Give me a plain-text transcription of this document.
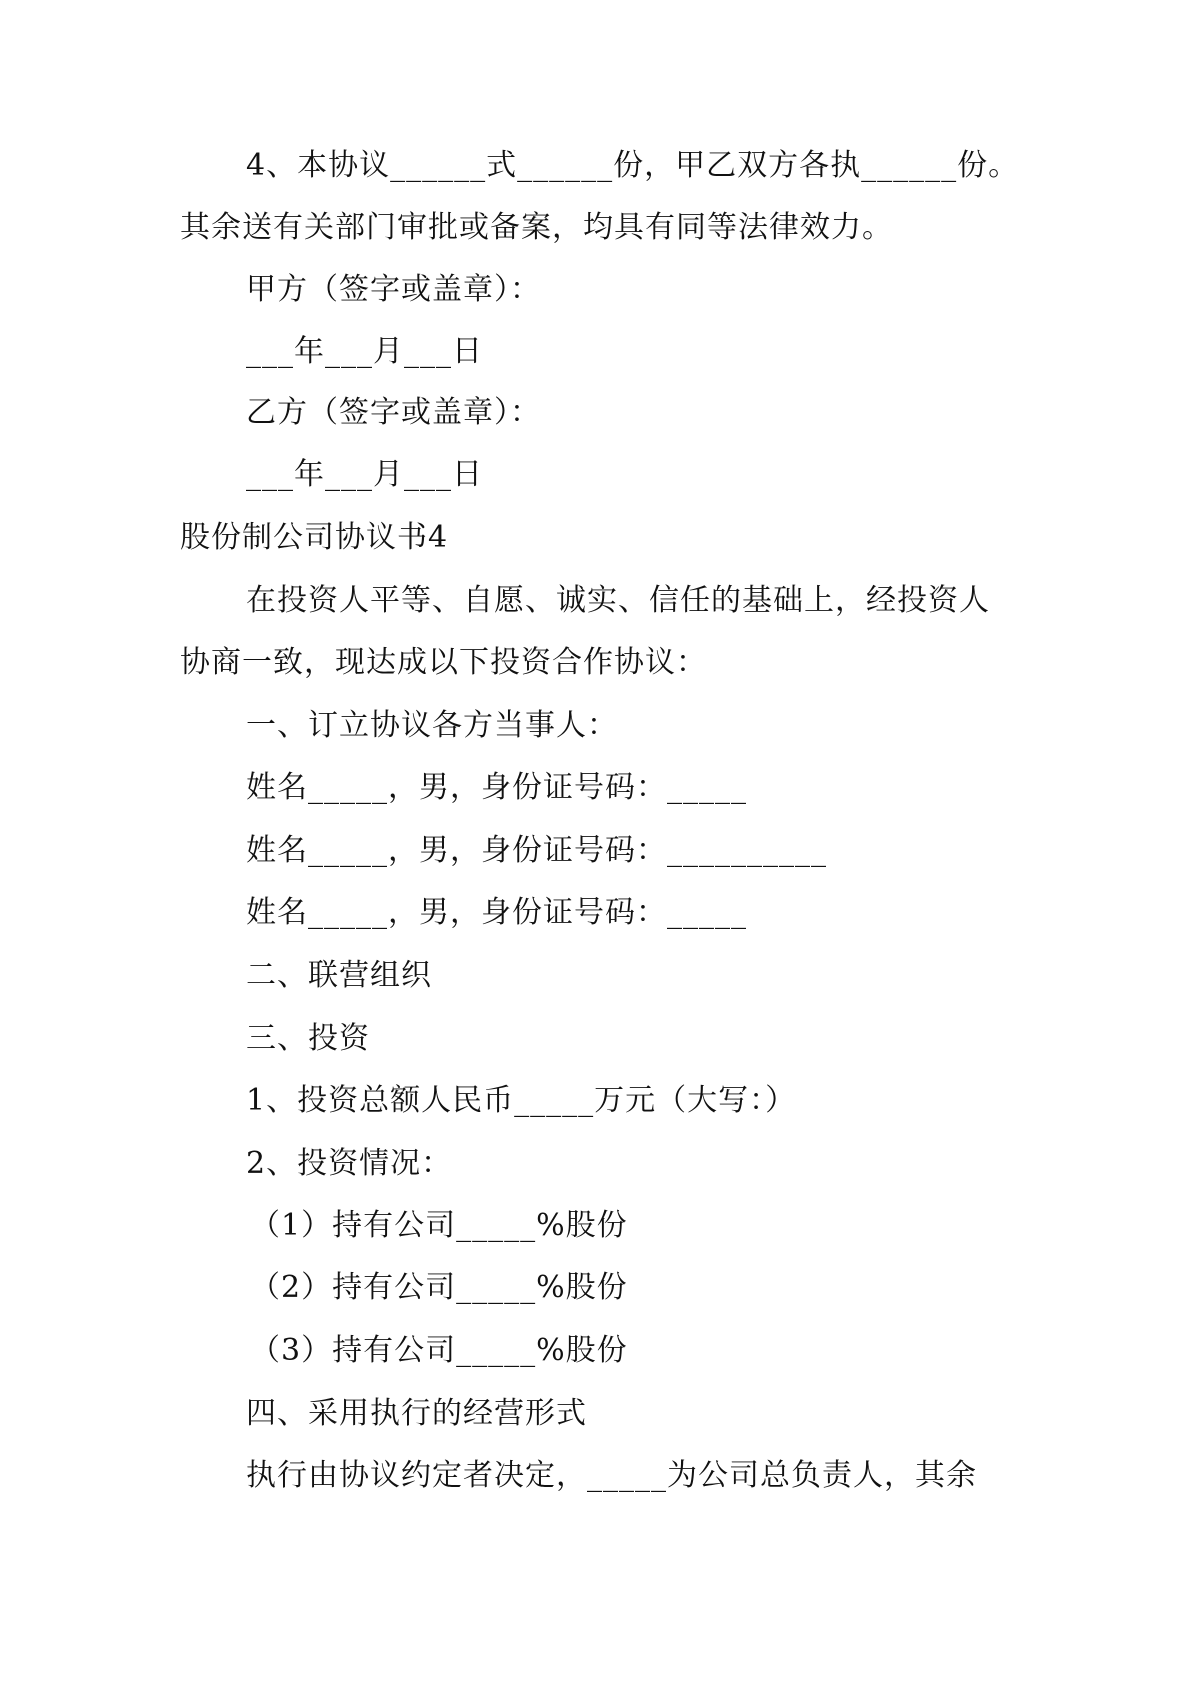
4、本协议______式______份，甲乙双方各执______份。
其余送有关部门审批或备案，均具有同等法律效力。
甲方（签字或盖章）：
___年___月___日
乙方（签字或盖章）：
___年___月___日
股份制公司协议书4
在投资人平等、自愿、诚实、信任的基础上，经投资人
协商一致，现达成以下投资合作协议：
一、订立协议各方当事人：
姓名_____，男，身份证号码：_____
姓名_____，男，身份证号码：__________
姓名_____，男，身份证号码：_____
二、联营组织
三、投资
1、投资总额人民币_____万元（大写：）
2、投资情况：
（1）持有公司_____%股份
（2）持有公司_____%股份
（3）持有公司_____%股份
四、采用执行的经营形式
执行由协议约定者决定，_____为公司总负责人，其余
